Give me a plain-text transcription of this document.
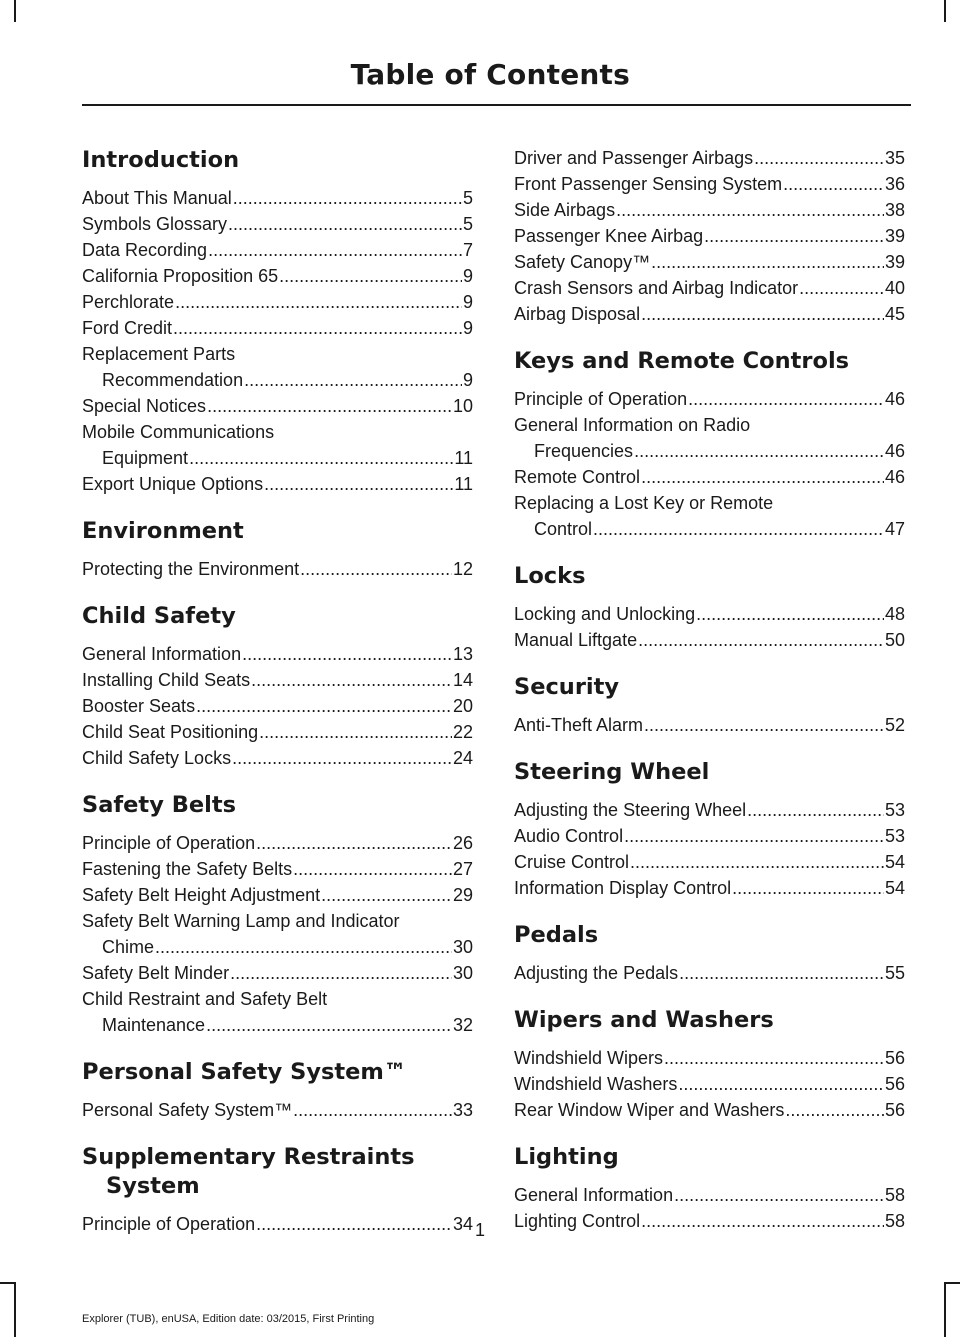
Table of Contents
Introduction
About This Manual .....	5
Symbols Glossary .....	5
Data Recording .....	7
California Proposition 65 .....	9
Perchlorate .....	9
Ford Credit .....	9
Replacement Parts
Recommendation .....	9
Special Notices .....	10
Mobile Communications
Equipment .....	11
Export Unique Options .....	11
Environment
Protecting the Environment .....	12
Child Safety
General Information .....	13
Installing Child Seats .....	14
Booster Seats .....	20
Child Seat Positioning .....	22
Child Safety Locks .....	24
Safety Belts
Principle of Operation .....	26
Fastening the Safety Belts .....	27
Safety Belt Height Adjustment .....	29
Safety Belt Warning Lamp and Indicator
Chime .....	30
Safety Belt Minder .....	30
Child Restraint and Safety Belt
Maintenance .....	32
Personal Safety System™
Personal Safety System™ .....	33
Supplementary Restraints
System
Principle of Operation .....	34
Driver and Passenger Airbags .....	35
Front Passenger Sensing System .....	36
Side Airbags .....	38
Passenger Knee Airbag .....	39
Safety Canopy™ .....	39
Crash Sensors and Airbag Indicator .....	40
Airbag Disposal .....	45
Keys and Remote Controls
Principle of Operation .....	46
General Information on Radio
Frequencies .....	46
Remote Control .....	46
Replacing a Lost Key or Remote
Control .....	47
Locks
Locking and Unlocking .....	48
Manual Liftgate .....	50
Security
Anti-Theft Alarm .....	52
Steering Wheel
Adjusting the Steering Wheel .....	53
Audio Control .....	53
Cruise Control .....	54
Information Display Control .....	54
Pedals
Adjusting the Pedals .....	55
Wipers and Washers
Windshield Wipers .....	56
Windshield Washers .....	56
Rear Window Wiper and Washers .....	56
Lighting
General Information .....	58
Lighting Control .....	58
1
Explorer (TUB), enUSA, Edition date: 03/2015, First Printing
